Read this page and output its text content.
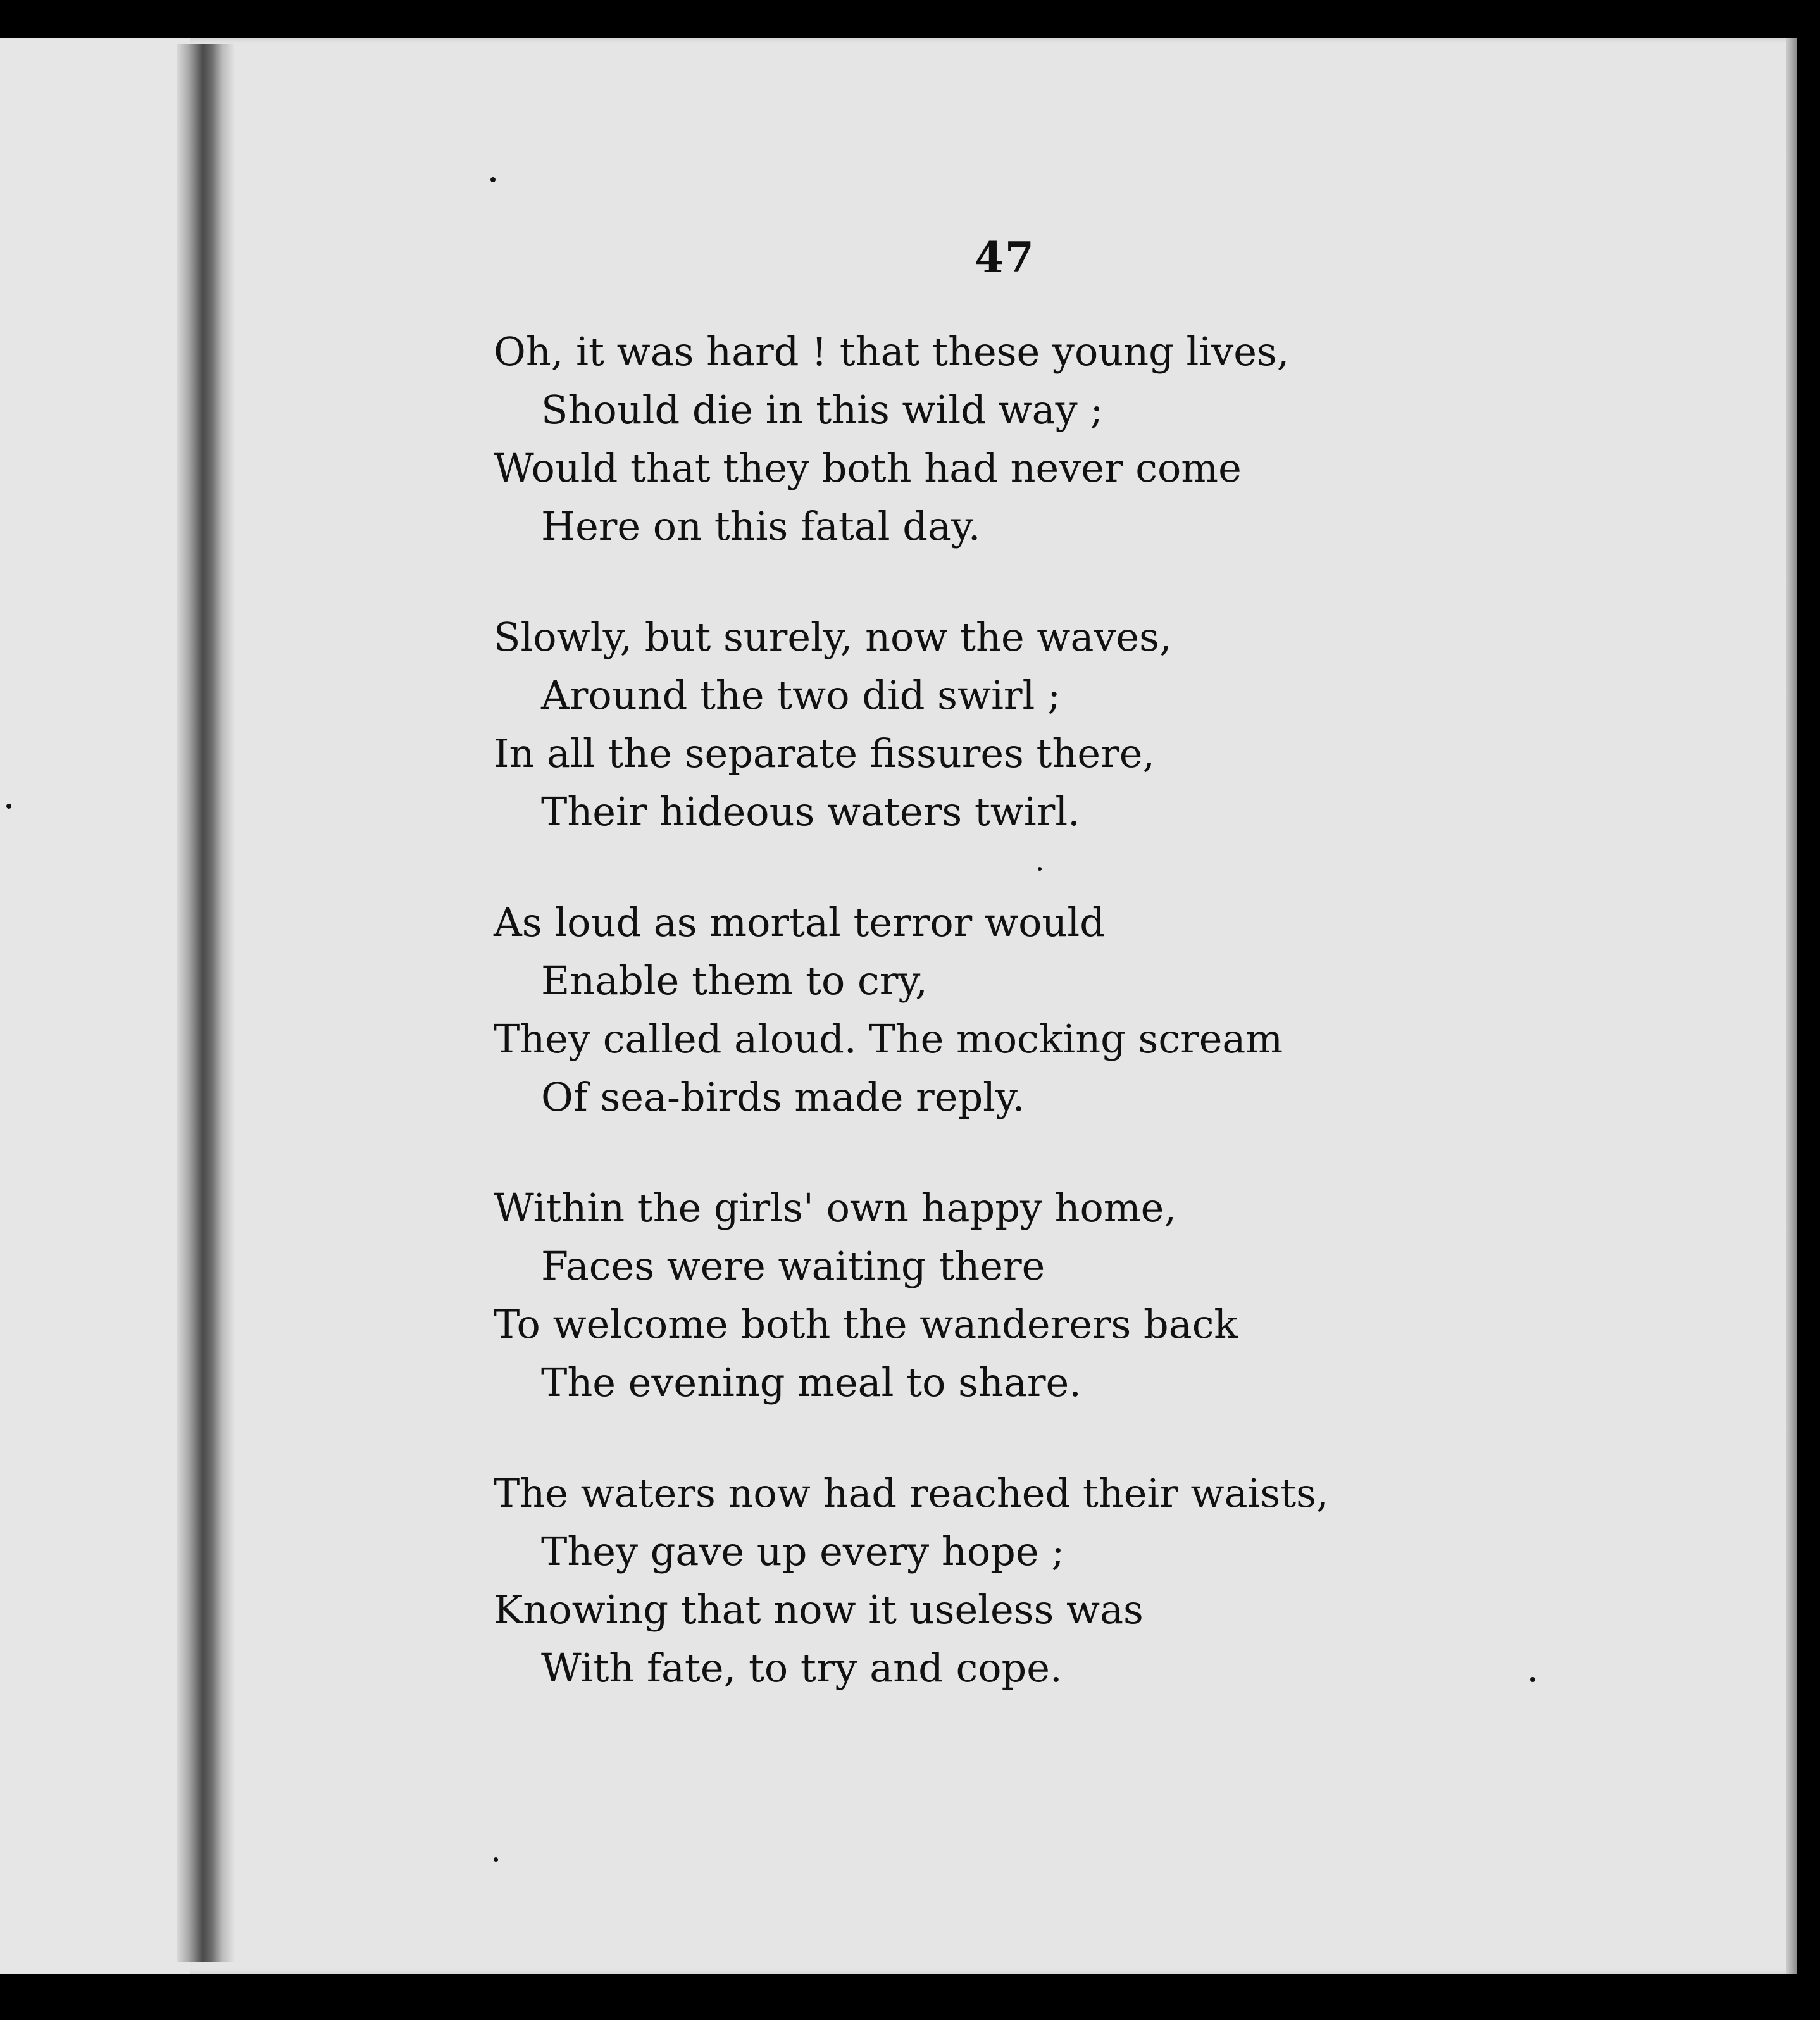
47
Oh, it was hard ! that these young lives,
Should die in this wild way ;
Would that they both had never come
Here on this fatal day.
Slowly, but surely, now the waves,
Around the two did swirl ;
In all the separate fissures there,
Their hideous waters twirl.
As loud as mortal terror would
Enable them to cry,
They called aloud. The mocking scream
Of sea-birds made reply.
Within the girls' own happy home,
Faces were waiting there
To welcome both the wanderers back
The evening meal to share.
The waters now had reached their waists,
They gave up every hope ;
Knowing that now it useless was
With fate, to try and cope.
